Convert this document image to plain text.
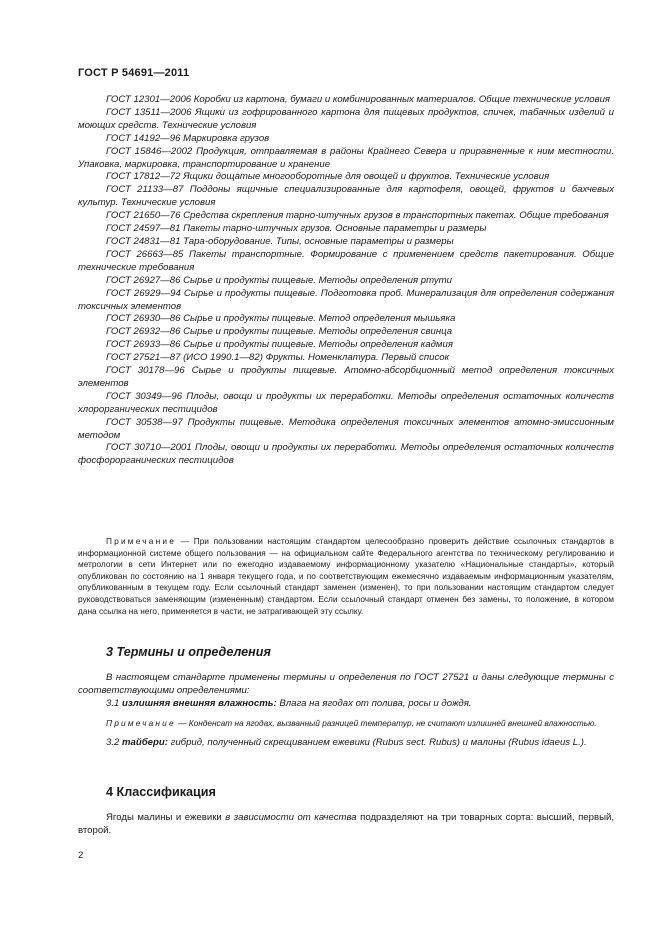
ГОСТ Р 54691—2011

ГОСТ 12301—2006 Коробки из картона, бумаги и комбинированных материалов. Общие технические условия

ГОСТ 13511—2006 Ящики из гофрированного картона для пищевых продуктов, спичек, табачных изделий и моющих средств. Технические условия

ГОСТ 14192—96 Маркировка грузов

ГОСТ 15846—2002 Продукция, отправляемая в районы Крайнего Севера и приравненные к ним местности. Упаковка, маркировка, транспортирование и хранение

ГОСТ 17812—72 Ящики дощатые многооборотные для овощей и фруктов. Технические условия

ГОСТ 21133—87 Поддоны ящичные специализированные для картофеля, овощей, фруктов и бахчевых культур. Технические условия

ГОСТ 21650—76 Средства скрепления тарно-штучных грузов в транспортных пакетах. Общие требования

ГОСТ 24597—81 Пакеты тарно-штучных грузов. Основные параметры и размеры

ГОСТ 24831—81 Тара-оборудование. Типы, основные параметры и размеры

ГОСТ 26663—85 Пакеты транспортные. Формирование с применением средств пакетирования. Общие технические требования

ГОСТ 26927—86 Сырье и продукты пищевые. Методы определения ртути

ГОСТ 26929—94 Сырье и продукты пищевые. Подготовка проб. Минерализация для определения содержания токсичных элементов

ГОСТ 26930—86 Сырье и продукты пищевые. Метод определения мышьяка

ГОСТ 26932—86 Сырье и продукты пищевые. Методы определения свинца

ГОСТ 26933—86 Сырье и продукты пищевые. Методы определения кадмия

ГОСТ 27521—87 (ИСО 1990.1—82) Фрукты. Номенклатура. Первый список

ГОСТ 30178—96 Сырье и продукты пищевые. Атомно-абсорбционный метод определения токсичных элементов

ГОСТ 30349—96 Плоды, овощи и продукты их переработки. Методы определения остаточных количеств хлорорганических пестицидов

ГОСТ 30538—97 Продукты пищевые. Методика определения токсичных элементов атомно-эмиссионным методом

ГОСТ 30710—2001 Плоды, овощи и продукты их переработки. Методы определения остаточных количеств фосфорорганических пестицидов

Примечание — При пользовании настоящим стандартом целесообразно проверить действие ссылочных стандартов в информационной системе общего пользования — на официальном сайте Федерального агентства по техническому регулированию и метрологии в сети Интернет или по ежегодно издаваемому информационному указателю «Национальные стандарты», который опубликован по состоянию на 1 января текущего года, и по соответствующим ежемесячно издаваемым информационным указателям, опубликованным в текущем году. Если ссылочный стандарт заменен (изменен), то при пользовании настоящим стандартом следует руководствоваться заменяющим (измененным) стандартом. Если ссылочный стандарт отменен без замены, то положение, в котором дана ссылка на него, применяется в части, не затрагивающей эту ссылку.

3 Термины и определения

В настоящем стандарте применены термины и определения по ГОСТ 27521 и даны следующие термины с соответствующими определениями:

3.1 излишняя внешняя влажность: Влага на ягодах от полива, росы и дождя.

Примечание — Конденсат на ягодах, вызванный разницей температур, не считают излишней внешней влажностью.

3.2 тайбери: гибрид, полученный скрещиванием ежевики (Rubus sect. Rubus) и малины (Rubus idaeus L.).

4 Классификация

Ягоды малины и ежевики в зависимости от качества подразделяют на три товарных сорта: высший, первый, второй.

2
